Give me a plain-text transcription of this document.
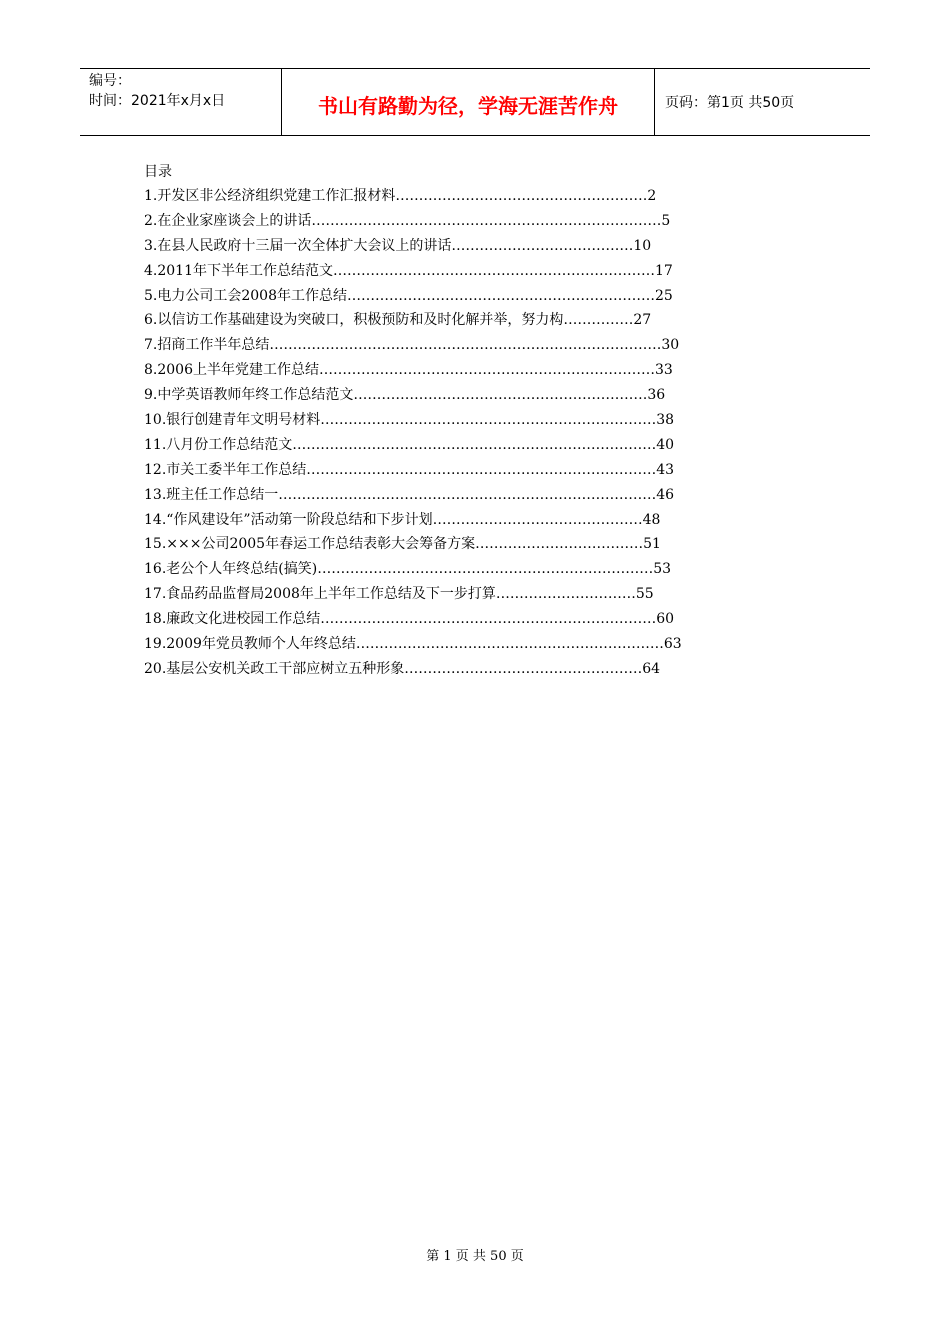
编号：
时间：2021年x月x日	书山有路勤为径，学海无涯苦作舟	页码：第1页 共50页
目录
1.开发区非公经济组织党建工作汇报材料………………………………………………2
2.在企业家座谈会上的讲话…………………………………………………………………5
3.在县人民政府十三届一次全体扩大会议上的讲话…………………………………10
4.2011年下半年工作总结范文……………………………………………………………17
5.电力公司工会2008年工作总结…………………………………………………………25
6.以信访工作基础建设为突破口，积极预防和及时化解并举，努力构……………27
7.招商工作半年总结…………………………………………………………………………30
8.2006上半年党建工作总结………………………………………………………………33
9.中学英语教师年终工作总结范文………………………………………………………36
10.银行创建青年文明号材料………………………………………………………………38
11.八月份工作总结范文……………………………………………………………………40
12.市关工委半年工作总结…………………………………………………………………43
13.班主任工作总结一………………………………………………………………………46
14.“作风建设年”活动第一阶段总结和下步计划………………………………………48
15.×××公司2005年春运工作总结表彰大会筹备方案………………………………51
16.老公个人年终总结(搞笑)………………………………………………………………53
17.食品药品监督局2008年上半年工作总结及下一步打算…………………………55
18.廉政文化进校园工作总结………………………………………………………………60
19.2009年党员教师个人年终总结…………………………………………………………63
20.基层公安机关政工干部应树立五种形象……………………………………………64
第 1 页 共 50 页
